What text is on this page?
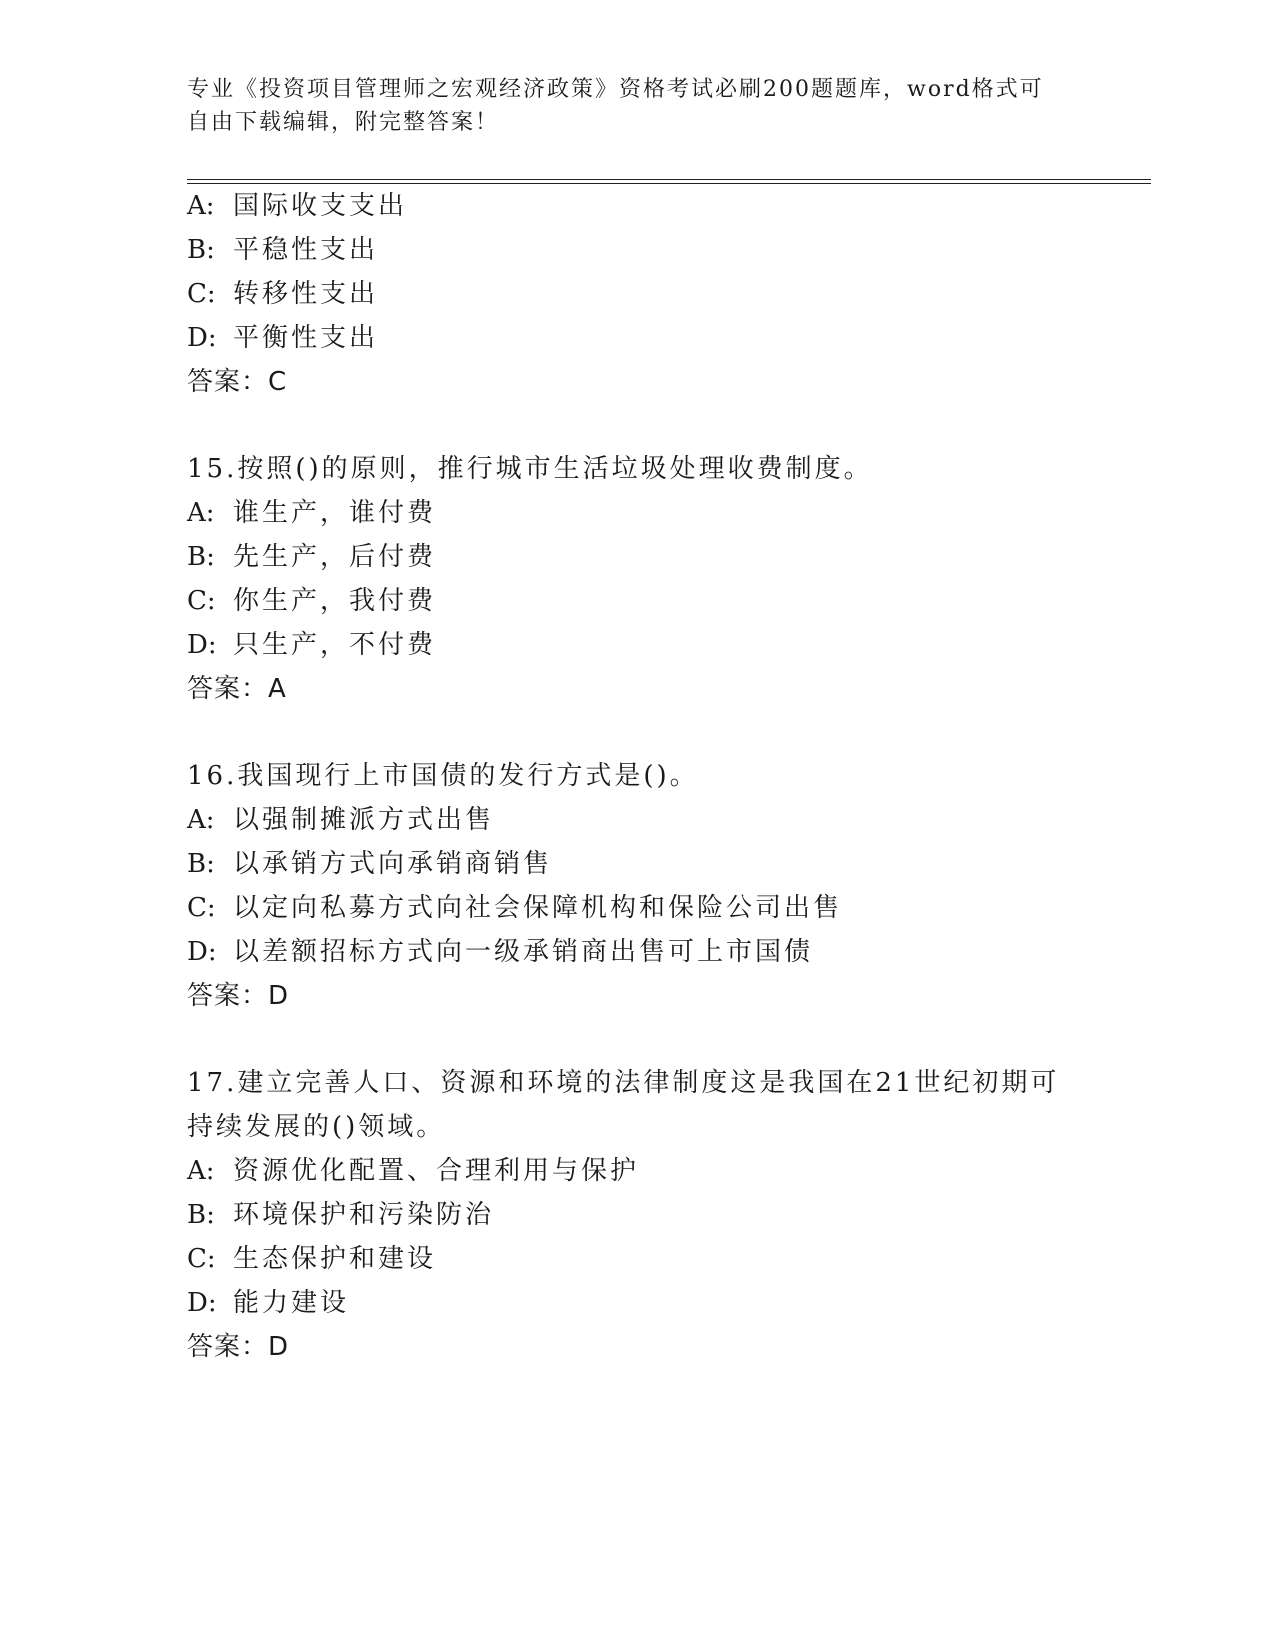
专业《投资项目管理师之宏观经济政策》资格考试必刷200题题库，word格式可
自由下载编辑，附完整答案！
A: 国际收支支出
B: 平稳性支出
C: 转移性支出
D: 平衡性支出
答案：C
15.按照()的原则，推行城市生活垃圾处理收费制度。
A: 谁生产，谁付费
B: 先生产，后付费
C: 你生产，我付费
D: 只生产，不付费
答案：A
16.我国现行上市国债的发行方式是()。
A: 以强制摊派方式出售
B: 以承销方式向承销商销售
C: 以定向私募方式向社会保障机构和保险公司出售
D: 以差额招标方式向一级承销商出售可上市国债
答案：D
17.建立完善人口、资源和环境的法律制度这是我国在21世纪初期可
持续发展的()领域。
A: 资源优化配置、合理利用与保护
B: 环境保护和污染防治
C: 生态保护和建设
D: 能力建设
答案：D
